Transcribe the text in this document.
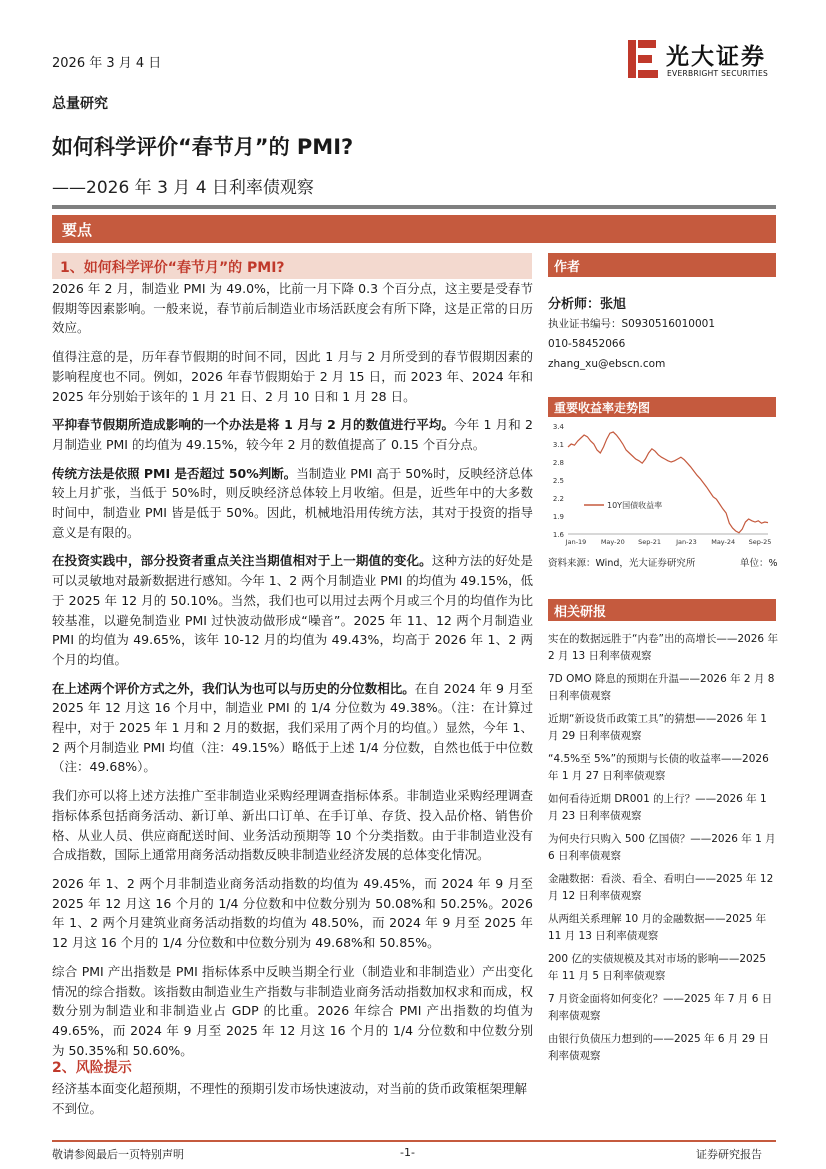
2026 年 3 月 4 日	光大证券
EVERBRIGHT SECURITIES
总量研究
如何科学评价“春节月”的 PMI?
——2026 年 3 月 4 日利率债观察
要点
1、如何科学评价“春节月”的 PMI?

2026 年 2 月，制造业 PMI 为 49.0%，比前一月下降 0.3 个百分点，这主要是受春节假期等因素影响。一般来说，春节前后制造业市场活跃度会有所下降，这是正常的日历效应。

值得注意的是，历年春节假期的时间不同，因此 1 月与 2 月所受到的春节假期因素的影响程度也不同。例如，2026 年春节假期始于 2 月 15 日，而 2023 年、2024 年和 2025 年分别始于该年的 1 月 21 日、2 月 10 日和 1 月 28 日。

平抑春节假期所造成影响的一个办法是将 1 月与 2 月的数值进行平均。今年 1 月和 2 月制造业 PMI 的均值为 49.15%，较今年 2 月的数值提高了 0.15 个百分点。

传统方法是依照 PMI 是否超过 50%判断。当制造业 PMI 高于 50%时，反映经济总体较上月扩张，当低于 50%时，则反映经济总体较上月收缩。但是，近些年中的大多数时间中，制造业 PMI 皆是低于 50%。因此，机械地沿用传统方法，其对于投资的指导意义是有限的。

在投资实践中，部分投资者重点关注当期值相对于上一期值的变化。这种方法的好处是可以灵敏地对最新数据进行感知。今年 1、2 两个月制造业 PMI 的均值为 49.15%，低于 2025 年 12 月的 50.10%。当然，我们也可以用过去两个月或三个月的均值作为比较基准，以避免制造业 PMI 过快波动做形成“噪音”。2025 年 11、12 两个月制造业 PMI 的均值为 49.65%，该年 10-12 月的均值为 49.43%，均高于 2026 年 1、2 两个月的均值。

在上述两个评价方式之外，我们认为也可以与历史的分位数相比。在自 2024 年 9 月至 2025 年 12 月这 16 个月中，制造业 PMI 的 1/4 分位数为 49.38%。（注：在计算过程中，对于 2025 年 1 月和 2 月的数据，我们采用了两个月的均值。）显然，今年 1、2 两个月制造业 PMI 均值（注：49.15%）略低于上述 1/4 分位数，自然也低于中位数（注：49.68%）。

我们亦可以将上述方法推广至非制造业采购经理调查指标体系。非制造业采购经理调查指标体系包括商务活动、新订单、新出口订单、在手订单、存货、投入品价格、销售价格、从业人员、供应商配送时间、业务活动预期等 10 个分类指数。由于非制造业没有合成指数，国际上通常用商务活动指数反映非制造业经济发展的总体变化情况。

2026 年 1、2 两个月非制造业商务活动指数的均值为 49.45%，而 2024 年 9 月至 2025 年 12 月这 16 个月的 1/4 分位数和中位数分别为 50.08%和 50.25%。2026 年 1、2 两个月建筑业商务活动指数的均值为 48.50%，而 2024 年 9 月至 2025 年 12 月这 16 个月的 1/4 分位数和中位数分别为 49.68%和 50.85%。

综合 PMI 产出指数是 PMI 指标体系中反映当期全行业（制造业和非制造业）产出变化情况的综合指数。该指数由制造业生产指数与非制造业商务活动指数加权求和而成，权数分别为制造业和非制造业占 GDP 的比重。2026 年综合 PMI 产出指数的均值为 49.65%，而 2024 年 9 月至 2025 年 12 月这 16 个月的 1/4 分位数和中位数分别为 50.35%和 50.60%。

2、风险提示
经济基本面变化超预期，不理性的预期引发市场快速波动，对当前的货币政策框架理解不到位。
作者
分析师：张旭
执业证书编号：S0930516010001
010-58452066
zhang_xu@ebscn.com
重要收益率走势图
1.6
1.9
2.2
2.5
2.8
3.1
3.4
Jan-19 May-20 Sep-21 Jan-23 May-24 Sep-25
10Y国债收益率
资料来源：Wind，光大证券研究所	单位：%
相关研报
实在的数据远胜于“内卷”出的高增长——2026 年 2 月 13 日利率债观察
7D OMO 降息的预期在升温——2026 年 2 月 8 日利率债观察
近期“新设货币政策工具”的猜想——2026 年 1 月 29 日利率债观察
“4.5%至 5%”的预期与长债的收益率——2026 年 1 月 27 日利率债观察
如何看待近期 DR001 的上行？——2026 年 1 月 23 日利率债观察
为何央行只购入 500 亿国债？——2026 年 1 月 6 日利率债观察
金融数据：看淡、看全、看明白——2025 年 12 月 12 日利率债观察
从两组关系理解 10 月的金融数据——2025 年 11 月 13 日利率债观察
200 亿的实债规模及其对市场的影响——2025 年 11 月 5 日利率债观察
7 月资金面将如何变化？——2025 年 7 月 6 日利率债观察
由银行负债压力想到的——2025 年 6 月 29 日利率债观察
敬请参阅最后一页特别声明	-1-	证券研究报告
